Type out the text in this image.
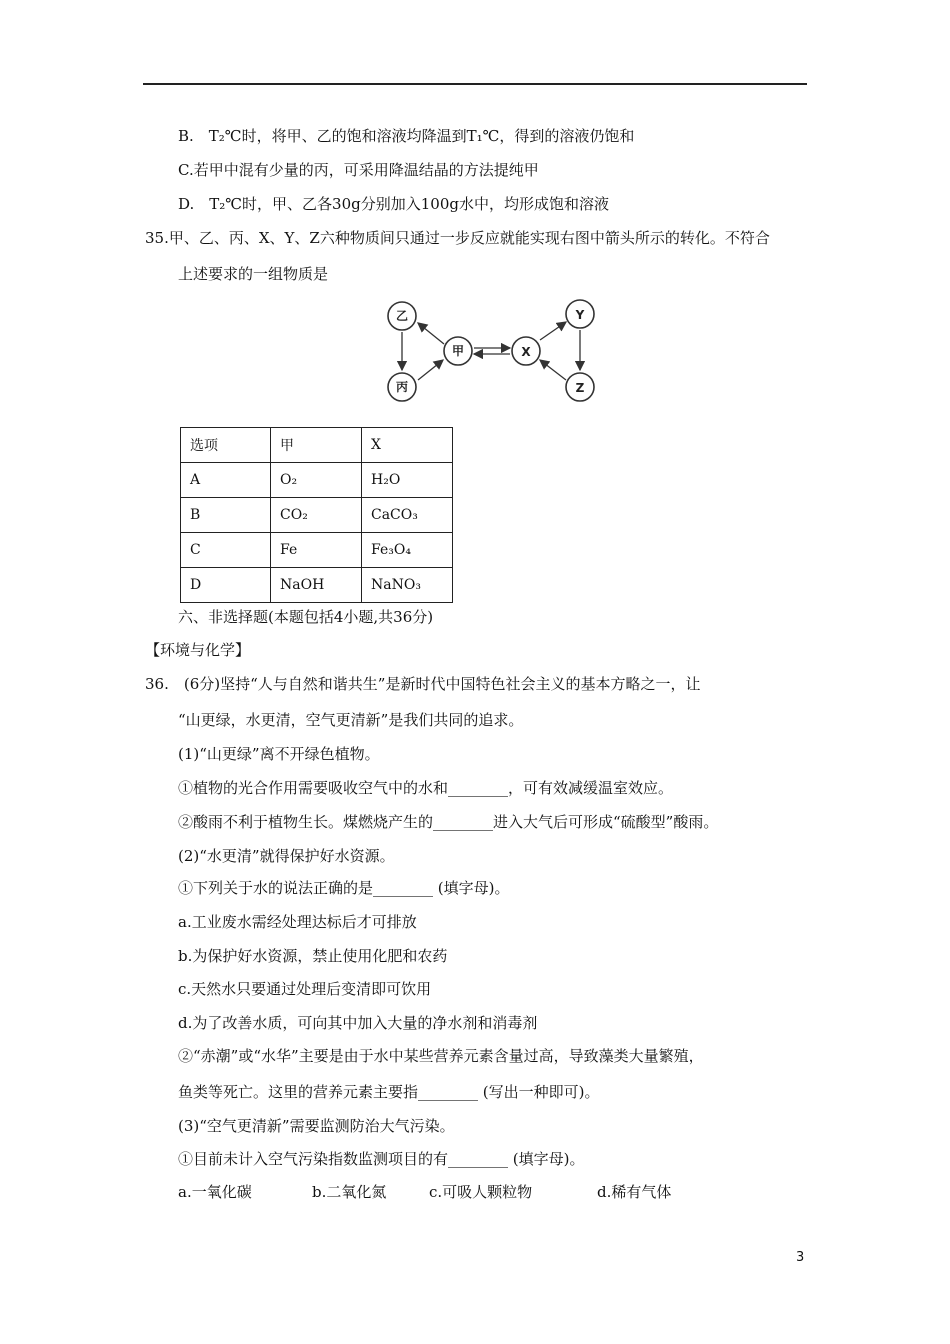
B.　T₂℃时，将甲、乙的饱和溶液均降温到T₁℃，得到的溶液仍饱和
C.若甲中混有少量的丙，可采用降温结晶的方法提纯甲
D.　T₂℃时，甲、乙各30g分别加入100g水中，均形成饱和溶液
35.甲、乙、丙、X、Y、Z六种物质间只通过一步反应就能实现右图中箭头所示的转化。不符合
上述要求的一组物质是
乙
甲
丙
X
Y
Z
选项	甲	X
A	O₂	H₂O
B	CO₂	CaCO₃
C	Fe	Fe₃O₄
D	NaOH	NaNO₃
六、非选择题(本题包括4小题,共36分)
【环境与化学】
36.　(6分)坚持“人与自然和谐共生”是新时代中国特色社会主义的基本方略之一，让
“山更绿，水更清，空气更清新”是我们共同的追求。
(1)“山更绿”离不开绿色植物。
①植物的光合作用需要吸收空气中的水和________，可有效减缓温室效应。
②酸雨不利于植物生长。煤燃烧产生的________进入大气后可形成“硫酸型”酸雨。
(2)“水更清”就得保护好水资源。
①下列关于水的说法正确的是________ (填字母)。
a.工业废水需经处理达标后才可排放
b.为保护好水资源，禁止使用化肥和农药
c.天然水只要通过处理后变清即可饮用
d.为了改善水质，可向其中加入大量的净水剂和消毒剂
②“赤潮”或“水华”主要是由于水中某些营养元素含量过高，导致藻类大量繁殖，
鱼类等死亡。这里的营养元素主要指________ (写出一种即可)。
(3)“空气更清新”需要监测防治大气污染。
①目前未计入空气污染指数监测项目的有________ (填字母)。
a.一氧化碳	b.二氧化氮	c.可吸人颗粒物	d.稀有气体
3
